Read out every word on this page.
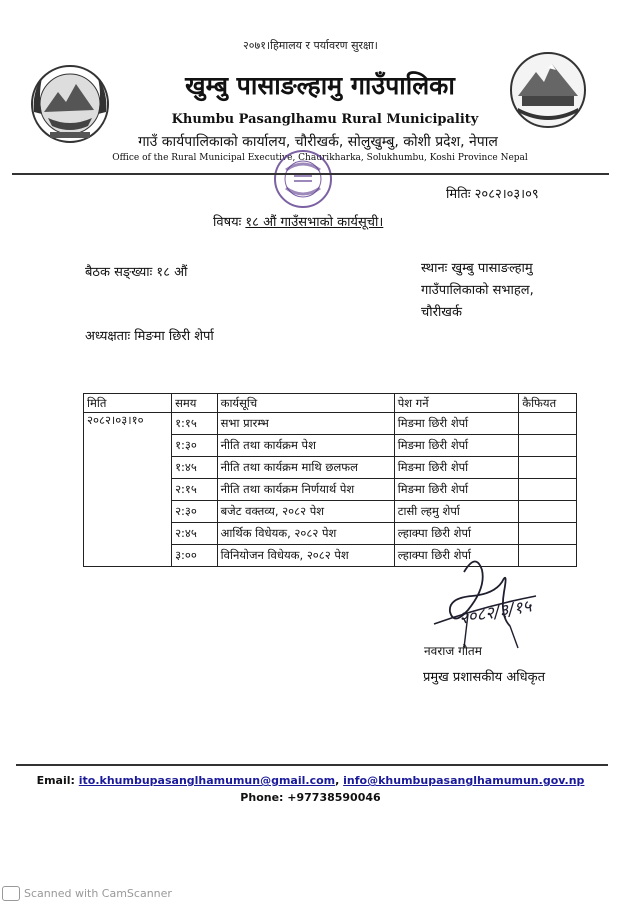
२०७१।हिमालय र पर्यावरण सुरक्षा।
खुम्बु पासाङल्हामु गाउँपालिका
Khumbu Pasanglhamu Rural Municipality
गाउँ कार्यपालिकाको कार्यालय, चौरीखर्क, सोलुखुम्बु, कोशी प्रदेश, नेपाल
Office of the Rural Municipal Executive, Chaurikharka, Solukhumbu, Koshi Province Nepal
मितिः २०८२।०३।०९
विषयः १८ औं गाउँसभाको कार्यसूची।
बैठक सङ्ख्याः १८ औं	स्थानः खुम्बु पासाङल्हामु
गाउँपालिकाको सभाहल,
चौरीखर्क
अध्यक्षताः मिङमा छिरी शेर्पा
मिति	समय	कार्यसूचि	पेश गर्ने	कैफियत
२०८२।०३।१०	१:१५	सभा प्रारम्भ	मिङमा छिरी शेर्पा	
	१:३०	नीति तथा कार्यक्रम पेश	मिङमा छिरी शेर्पा	
	१:४५	नीति तथा कार्यक्रम माथि छलफल	मिङमा छिरी शेर्पा	
	२:१५	नीति तथा कार्यक्रम निर्णयार्थ पेश	मिङमा छिरी शेर्पा	
	२:३०	बजेट वक्तव्य, २०८२ पेश	टासी ल्हमु शेर्पा	
	२:४५	आर्थिक विधेयक, २०८२ पेश	ल्हाक्पा छिरी शेर्पा	
	३:००	विनियोजन विधेयक, २०८२ पेश	ल्हाक्पा छिरी शेर्पा	
२०८२/३/१५
नवराज गौतम
प्रमुख प्रशासकीय अधिकृत
Email: ito.khumbupasanglhamumun@gmail.com, info@khumbupasanglhamumun.gov.np
Phone: +97738590046
Scanned with CamScanner
